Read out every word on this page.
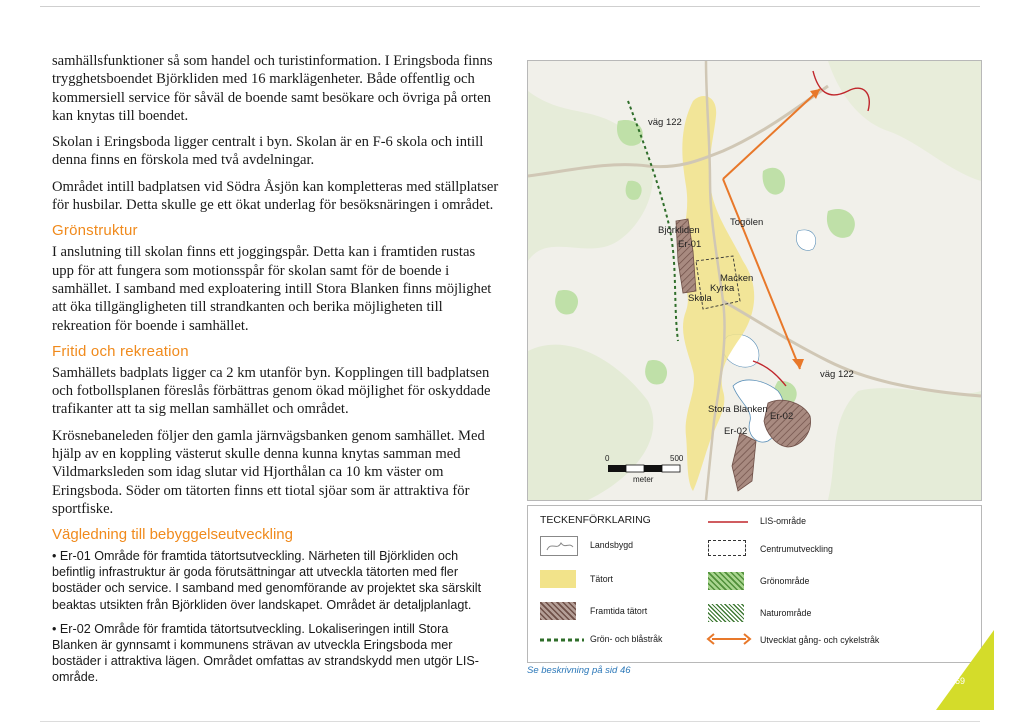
samhällsfunktioner så som handel och turistinformation. I Eringsboda finns trygghetsboendet Björkliden med 16 marklägenheter. Både offentlig och kommersiell service för såväl de boende samt besökare och övriga på orten kan knytas till boendet.

Skolan i Eringsboda ligger centralt i byn. Skolan är en F-6 skola och intill denna finns en förskola med två avdelningar.

Området intill badplatsen vid Södra Åsjön kan kompletteras med ställplatser för husbilar. Detta skulle ge ett ökat underlag för besöksnäringen i området.

Grönstruktur

I anslutning till skolan finns ett joggingspår. Detta kan i framtiden rustas upp för att fungera som motionsspår för skolan samt för de boende i samhället. I samband med exploatering intill Stora Blanken finns möjlighet att öka tillgängligheten till strandkanten och berika möjligheten till rekreation för boende i samhället.

Fritid och rekreation

Samhällets badplats ligger ca 2 km utanför byn. Kopplingen till badplatsen och fotbollsplanen föreslås förbättras genom ökad möjlighet för oskyddade trafikanter att ta sig mellan samhället och området.

Krösnebaneleden följer den gamla järnvägsbanken genom samhället. Med hjälp av en koppling västerut skulle denna kunna knytas samman med Vildmarksleden som idag slutar vid Hjorthålan ca 10 km väster om Eringsboda. Söder om tätorten finns ett tiotal sjöar som är attraktiva för sportfiske.

Vägledning till bebyggelseutveckling

• Er-01 Område för framtida tätortsutveckling. Närheten till Björkliden och befintlig infrastruktur är goda förutsättningar att utveckla tätorten med fler bostäder och service. I samband med genomförande av projektet ska särskilt beaktas utsikten från Björkliden över landskapet. Området är detaljplanlagt.

• Er-02 Område för framtida tätortsutveckling. Lokaliseringen intill Stora Blanken är gynnsamt i kommunens strävan av utveckla Eringsboda mer bostäder i attraktiva lägen. Området omfattas av strandskydd men utgör LIS-område.

väg 122
väg 122
Togölen
Björkliden
Er-01
Macken
Kyrka
Skola
Stora Blanken
Er-02
Er-02
0	500
meter
TECKENFÖRKLARING
Landsbygd
Tätort
Framtida tätort
Grön- och blåstråk
LIS-område
Centrumutveckling
Grönområde
Naturområde
Utvecklat gång- och cykelstråk
Se beskrivning på sid 46
69
